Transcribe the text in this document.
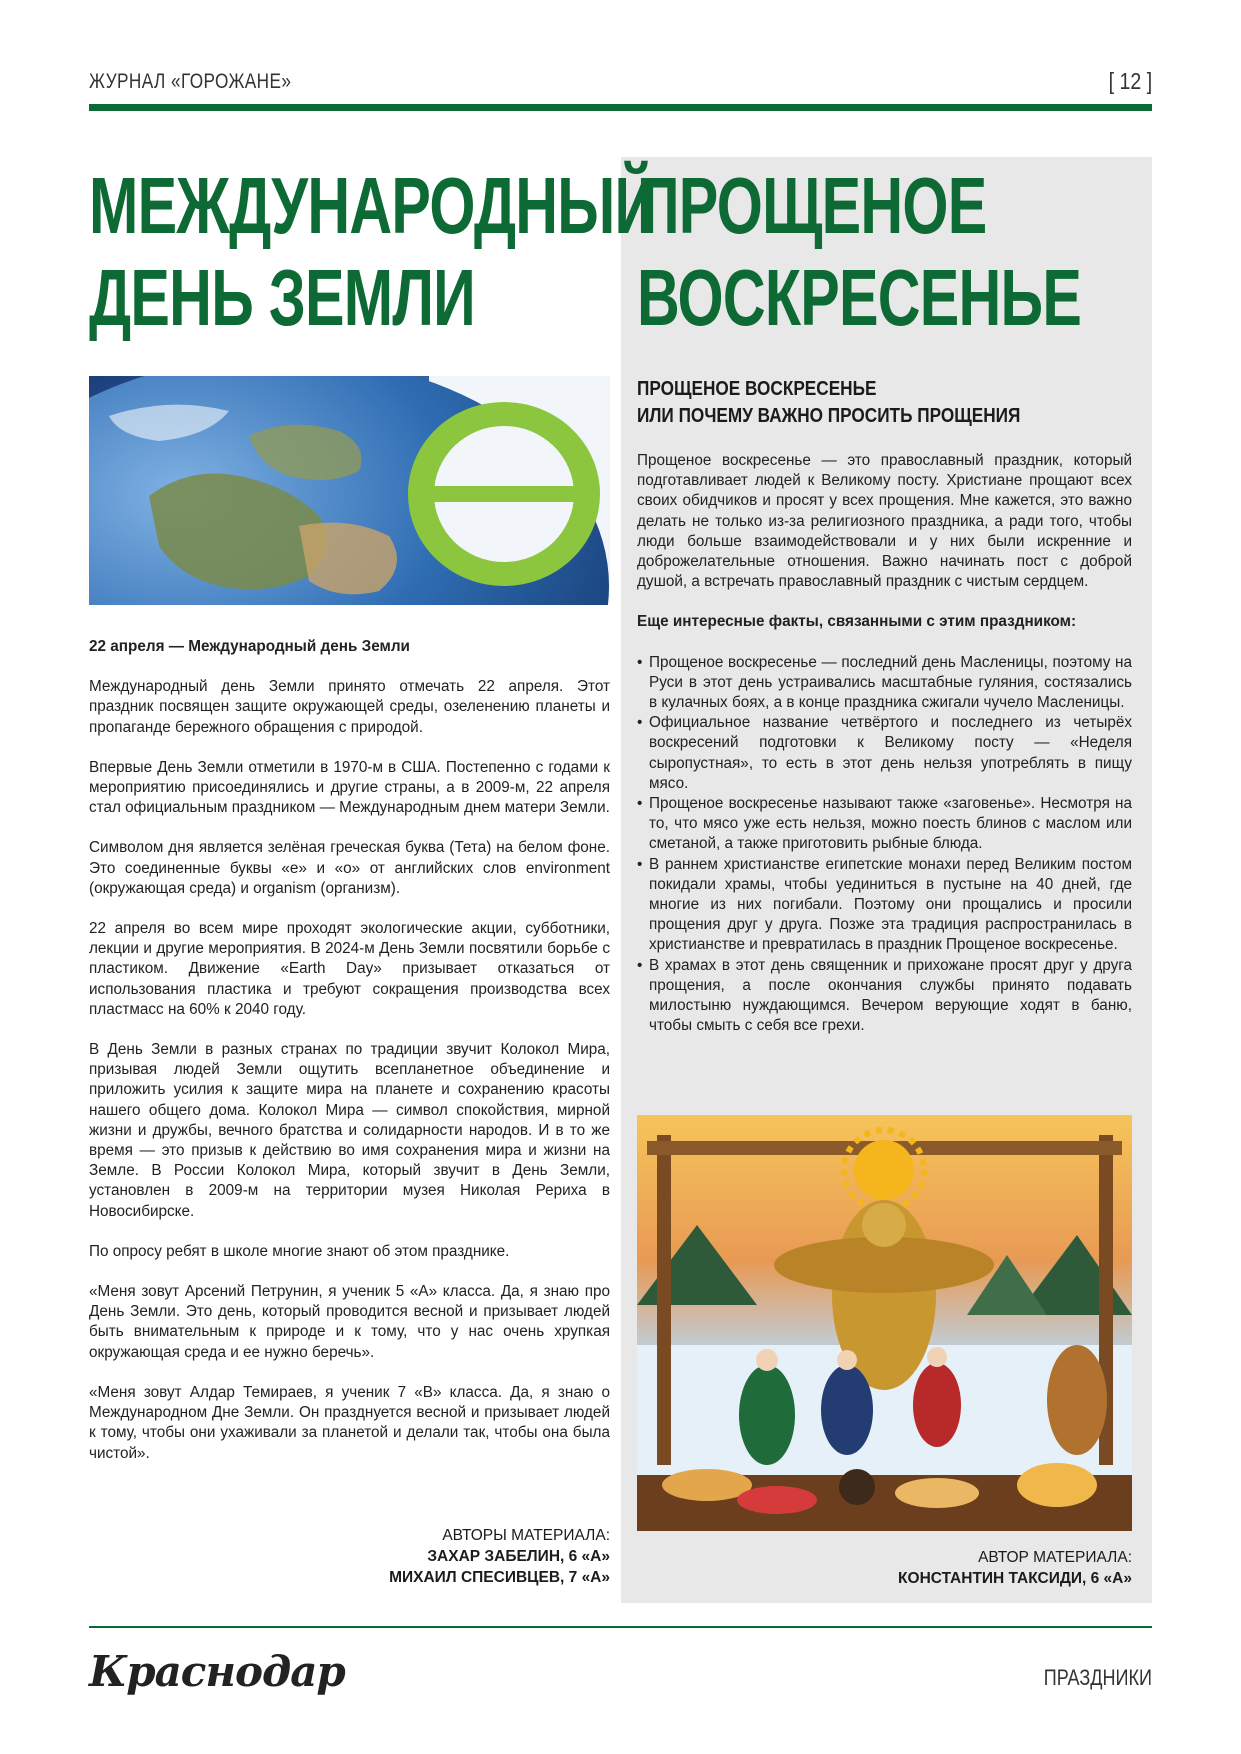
ЖУРНАЛ «ГОРОЖАНЕ»	[ 12 ]
МЕЖДУНАРОДНЫЙ
ДЕНЬ ЗЕМЛИ

22 апреля — Международный день Земли

Международный день Земли принято отмечать 22 апреля. Этот праздник посвящен защите окружающей среды, озеленению планеты и пропаганде бережного обращения с природой.

Впервые День Земли отметили в 1970-м в США. Постепенно с годами к мероприятию присоединялись и другие страны, а в 2009-м, 22 апреля стал официальным праздником — Международным днем матери Земли.

Символом дня является зелёная греческая буква (Тета) на белом фоне. Это соединенные буквы «е» и «о» от английских слов environment (окружающая среда) и organism (организм).

22 апреля во всем мире проходят экологические акции, субботники, лекции и другие мероприятия. В 2024-м День Земли посвятили борьбе с пластиком. Движение «Earth Day» призывает отказаться от использования пластика и требуют сокращения производства всех пластмасс на 60% к 2040 году.

В День Земли в разных странах по традиции звучит Колокол Мира, призывая людей Земли ощутить всепланетное объединение и приложить усилия к защите мира на планете и сохранению красоты нашего общего дома. Колокол Мира — символ спокойствия, мирной жизни и дружбы, вечного братства и солидарности народов. И в то же время — это призыв к действию во имя сохранения мира и жизни на Земле. В России Колокол Мира, который звучит в День Земли, установлен в 2009-м на территории музея Николая Рериха в Новосибирске.

По опросу ребят в школе многие знают об этом празднике.

«Меня зовут Арсений Петрунин, я ученик 5 «А» класса. Да, я знаю про День Земли. Это день, который проводится весной и призывает людей быть внимательным к природе и к тому, что у нас очень хрупкая окружающая среда и ее нужно беречь».

«Меня зовут Алдар Темираев, я ученик 7 «В» класса. Да, я знаю о Международном Дне Земли. Он празднуется весной и призывает людей к тому, чтобы они ухаживали за планетой и делали так, чтобы она была чистой».

АВТОРЫ МАТЕРИАЛА:
ЗАХАР ЗАБЕЛИН, 6 «А»
МИХАИЛ СПЕСИВЦЕВ, 7 «А»
ПРОЩЕНОЕ
ВОСКРЕСЕНЬЕ
ПРОЩЕНОЕ ВОСКРЕСЕНЬЕ
ИЛИ ПОЧЕМУ ВАЖНО ПРОСИТЬ ПРОЩЕНИЯ

Прощеное воскресенье — это православный праздник, который подготавливает людей к Великому посту. Христиане прощают всех своих обидчиков и просят у всех прощения. Мне кажется, это важно делать не только из-за религиозного праздника, а ради того, чтобы люди больше взаимодействовали и у них были искренние и доброжелательные отношения. Важно начинать пост с доброй душой, а встречать православный праздник с чистым сердцем.

Еще интересные факты, связанными с этим праздником:

• Прощеное воскресенье — последний день Масленицы, поэтому на Руси в этот день устраивались масштабные гуляния, состязались в кулачных боях, а в конце праздника сжигали чучело Масленицы.
• Официальное название четвёртого и последнего из четырёх воскресений подготовки к Великому посту — «Неделя сыропустная», то есть в этот день нельзя употреблять в пищу мясо.
• Прощеное воскресенье называют также «заговенье». Несмотря на то, что мясо уже есть нельзя, можно поесть блинов с маслом или сметаной, а также приготовить рыбные блюда.
• В раннем христианстве египетские монахи перед Великим постом покидали храмы, чтобы уединиться в пустыне на 40 дней, где многие из них погибали. Поэтому они прощались и просили прощения друг у друга. Позже эта традиция распространилась в христианстве и превратилась в праздник Прощеное воскресенье.
• В храмах в этот день священник и прихожане просят друг у друга прощения, а после окончания службы принято подавать милостыню нуждающимся. Вечером верующие ходят в баню, чтобы смыть с себя все грехи.
АВТОР МАТЕРИАЛА:
КОНСТАНТИН ТАКСИДИ, 6 «А»
Краснодар	ПРАЗДНИКИ
